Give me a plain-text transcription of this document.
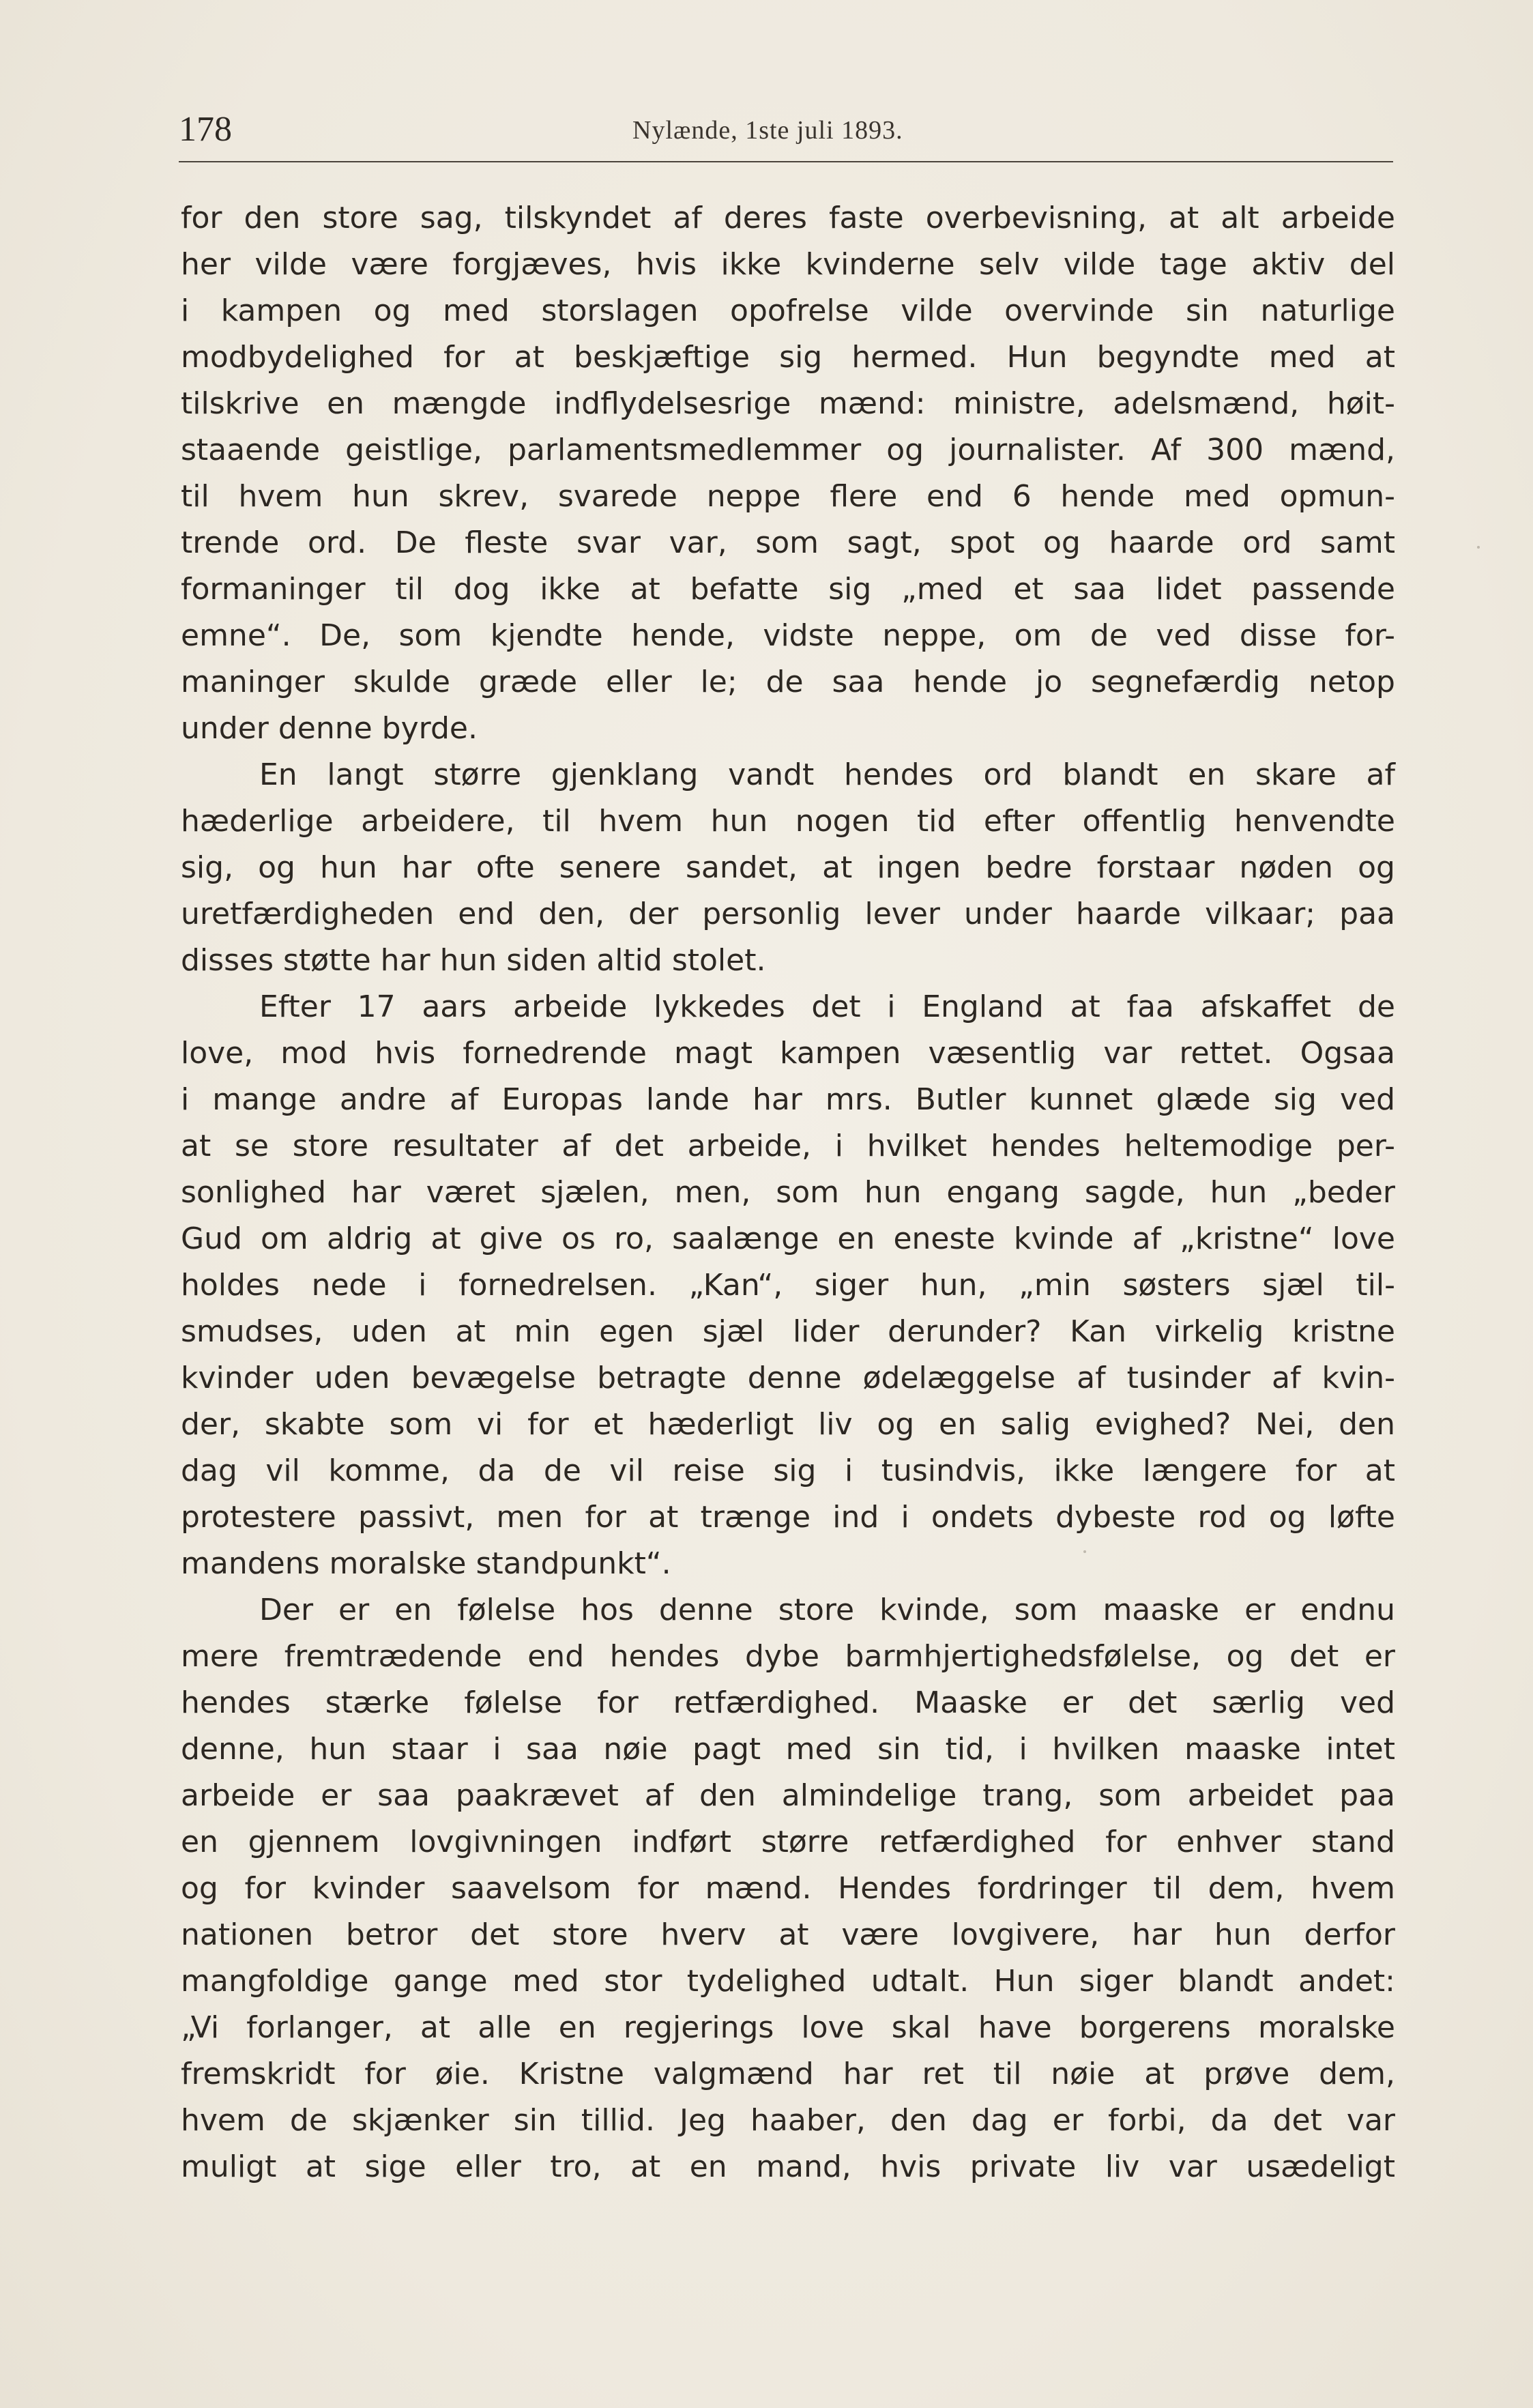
178	Nylænde, 1ste juli 1893.
for den store sag, tilskyndet af deres faste overbevisning, at alt arbeide
her vilde være forgjæves, hvis ikke kvinderne selv vilde tage aktiv del
i kampen og med storslagen opofrelse vilde overvinde sin naturlige
modbydelighed for at beskjæftige sig hermed. Hun begyndte med at
tilskrive en mængde indflydelsesrige mænd: ministre, adelsmænd, høit-
staaende geistlige, parlamentsmedlemmer og journalister. Af 300 mænd,
til hvem hun skrev, svarede neppe flere end 6 hende med opmun-
trende ord. De fleste svar var, som sagt, spot og haarde ord samt
formaninger til dog ikke at befatte sig „med et saa lidet passende
emne“. De, som kjendte hende, vidste neppe, om de ved disse for-
maninger skulde græde eller le; de saa hende jo segnefærdig netop
under denne byrde.
En langt større gjenklang vandt hendes ord blandt en skare af
hæderlige arbeidere, til hvem hun nogen tid efter offentlig henvendte
sig, og hun har ofte senere sandet, at ingen bedre forstaar nøden og
uretfærdigheden end den, der personlig lever under haarde vilkaar; paa
disses støtte har hun siden altid stolet.
Efter 17 aars arbeide lykkedes det i England at faa afskaffet de
love, mod hvis fornedrende magt kampen væsentlig var rettet. Ogsaa
i mange andre af Europas lande har mrs. Butler kunnet glæde sig ved
at se store resultater af det arbeide, i hvilket hendes heltemodige per-
sonlighed har været sjælen, men, som hun engang sagde, hun „beder
Gud om aldrig at give os ro, saalænge en eneste kvinde af „kristne“ love
holdes nede i fornedrelsen. „Kan“, siger hun, „min søsters sjæl til-
smudses, uden at min egen sjæl lider derunder? Kan virkelig kristne
kvinder uden bevægelse betragte denne ødelæggelse af tusinder af kvin-
der, skabte som vi for et hæderligt liv og en salig evighed? Nei, den
dag vil komme, da de vil reise sig i tusindvis, ikke længere for at
protestere passivt, men for at trænge ind i ondets dybeste rod og løfte
mandens moralske standpunkt“.
Der er en følelse hos denne store kvinde, som maaske er endnu
mere fremtrædende end hendes dybe barmhjertighedsfølelse, og det er
hendes stærke følelse for retfærdighed. Maaske er det særlig ved
denne, hun staar i saa nøie pagt med sin tid, i hvilken maaske intet
arbeide er saa paakrævet af den almindelige trang, som arbeidet paa
en gjennem lovgivningen indført større retfærdighed for enhver stand
og for kvinder saavelsom for mænd. Hendes fordringer til dem, hvem
nationen betror det store hverv at være lovgivere, har hun derfor
mangfoldige gange med stor tydelighed udtalt. Hun siger blandt andet:
„Vi forlanger, at alle en regjerings love skal have borgerens moralske
fremskridt for øie. Kristne valgmænd har ret til nøie at prøve dem,
hvem de skjænker sin tillid. Jeg haaber, den dag er forbi, da det var
muligt at sige eller tro, at en mand, hvis private liv var usædeligt
